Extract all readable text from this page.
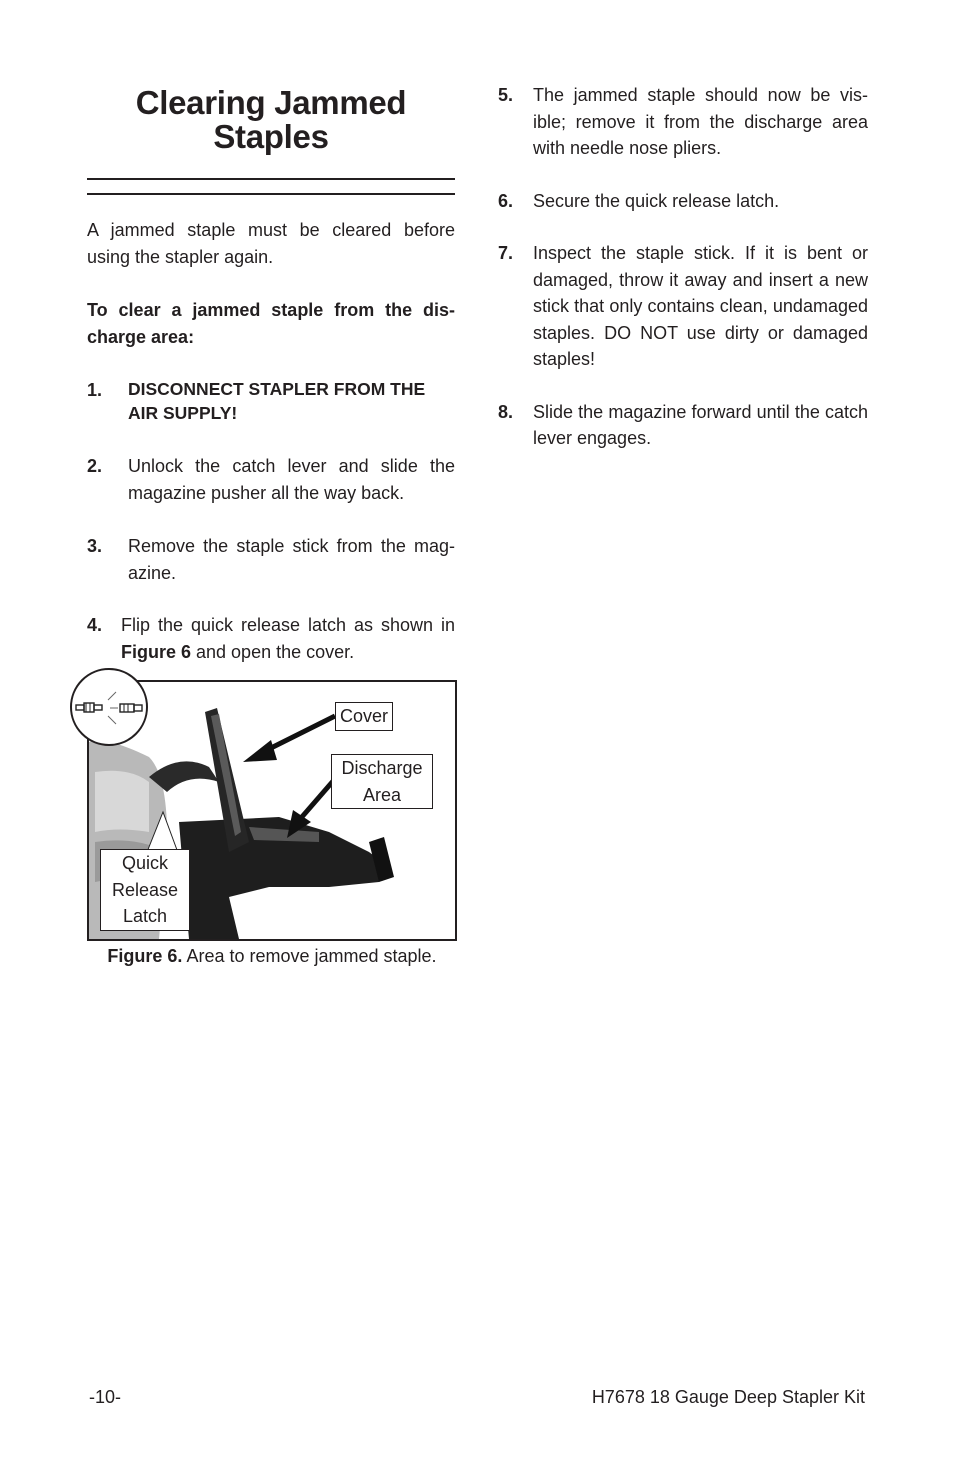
Clearing Jammed
Staples

A jammed staple must be cleared before using the stapler again.

To clear a jammed staple from the dis-charge area:

1.	DISCONNECT STAPLER FROM THE AIR SUPPLY!
2.	Unlock the catch lever and slide the magazine pusher all the way back.
3.	Remove the staple stick from the mag-azine.
4.	Flip the quick release latch as shown in Figure 6 and open the cover.
5.	The jammed staple should now be vis-ible; remove it from the discharge area with needle nose pliers.
6.	Secure the quick release latch.
7.	Inspect the staple stick. If it is bent or damaged, throw it away and insert a new stick that only contains clean, undamaged staples. DO NOT use dirty or damaged staples!
8.	Slide the magazine forward until the catch lever engages.
Cover
Discharge
Area
Quick
Release
Latch
Figure 6. Area to remove jammed staple.
-10-	H7678 18 Gauge Deep Stapler Kit
